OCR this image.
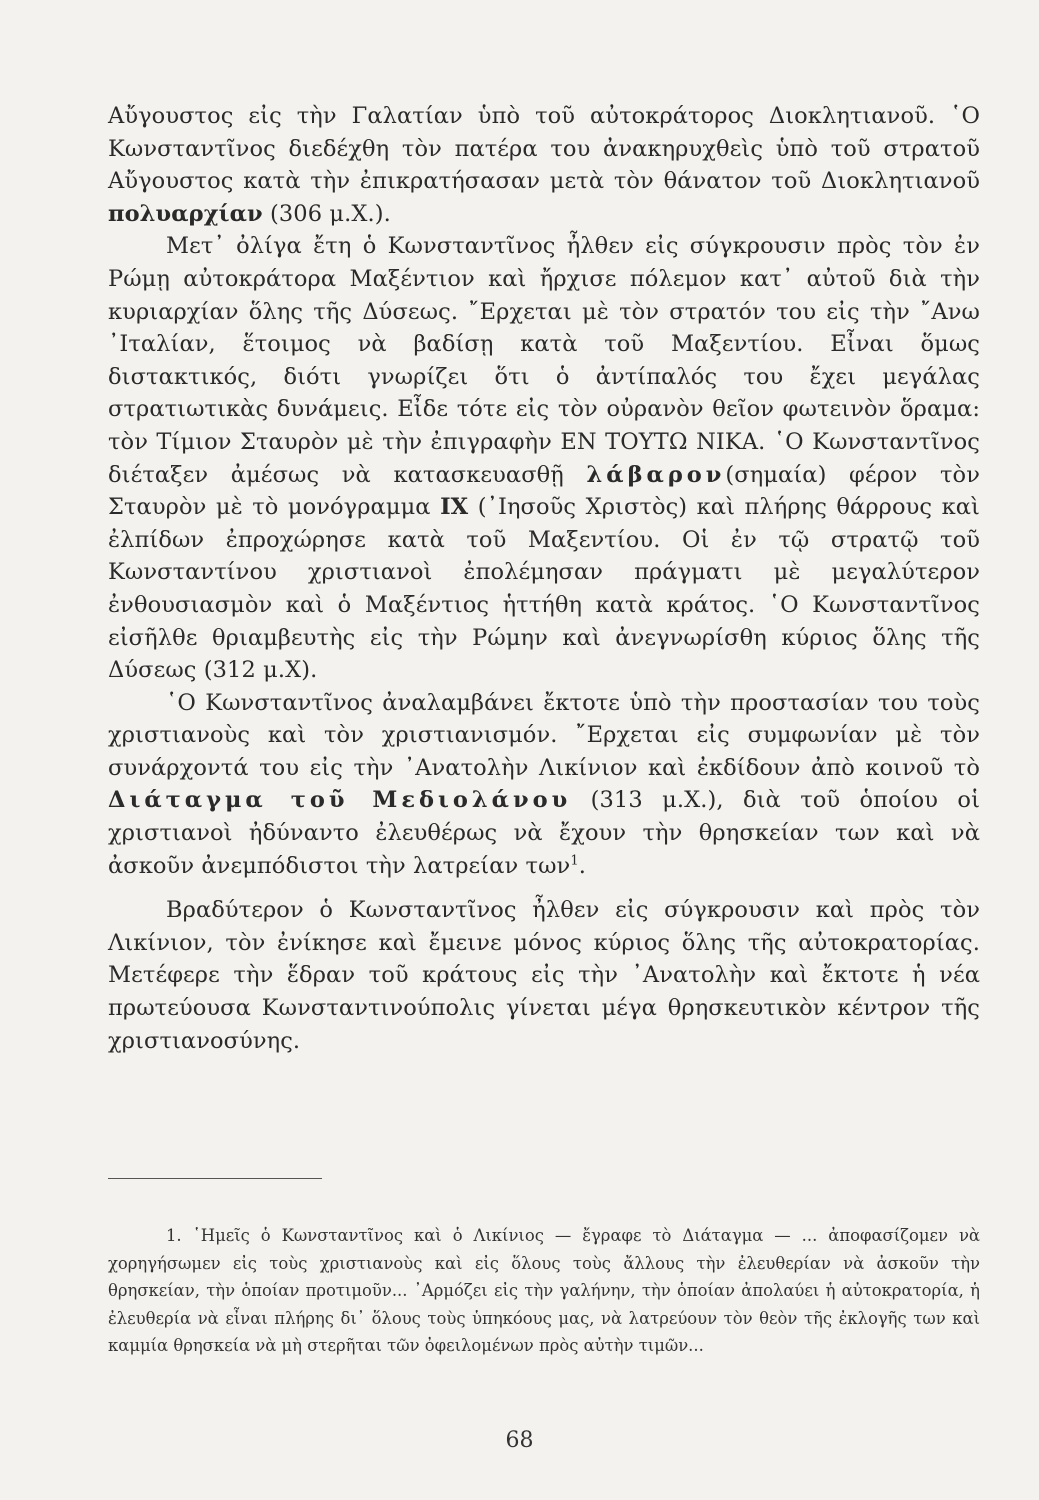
Αὔγουστος εἰς τὴν Γαλατίαν ὑπὸ τοῦ αὐτοκράτορος Διοκλητιανοῦ. ῾Ο Κωνσταντῖνος διεδέχθη τὸν πατέρα του ἀνακηρυχθεὶς ὑπὸ τοῦ στρατοῦ Αὔγουστος κατὰ τὴν ἐπικρατήσασαν μετὰ τὸν θάνατον τοῦ Διοκλητιανοῦ πολυαρχίαν (306 μ.Χ.).

Μετ᾽ ὀλίγα ἔτη ὁ Κωνσταντῖνος ἦλθεν εἰς σύγκρουσιν πρὸς τὸν ἐν Ρώμῃ αὐτοκράτορα Μαξέντιον καὶ ἤρχισε πόλεμον κατ᾽ αὐτοῦ διὰ τὴν κυριαρχίαν ὅλης τῆς Δύσεως. ῎Ερχεται μὲ τὸν στρατόν του εἰς τὴν ῎Ανω ᾽Ιταλίαν, ἕτοιμος νὰ βαδίσῃ κατὰ τοῦ Μαξεντίου. Εἶναι ὅμως διστακτικός, διότι γνωρίζει ὅτι ὁ ἀντίπαλός του ἔχει μεγάλας στρατιωτικὰς δυνάμεις. Εἶδε τότε εἰς τὸν οὐρανὸν θεῖον φωτεινὸν ὅραμα: τὸν Τίμιον Σταυρὸν μὲ τὴν ἐπιγραφὴν ΕΝ ΤΟΥΤΩ ΝΙΚΑ. ῾Ο Κωνσταντῖνος διέταξεν ἀμέσως νὰ κατασκευασθῇ λάβαρον(σημαία) φέρον τὸν Σταυρὸν μὲ τὸ μονόγραμμα ΙΧ (᾽Ιησοῦς Χριστὸς) καὶ πλήρης θάρρους καὶ ἐλπίδων ἐπροχώρησε κατὰ τοῦ Μαξεντίου. Οἱ ἐν τῷ στρατῷ τοῦ Κωνσταντίνου χριστιανοὶ ἐπολέμησαν πράγματι μὲ μεγαλύτερον ἐνθουσιασμὸν καὶ ὁ Μαξέντιος ἡττήθη κατὰ κράτος. ῾Ο Κωνσταντῖνος εἰσῆλθε θριαμβευτὴς εἰς τὴν Ρώμην καὶ ἀνεγνωρίσθη κύριος ὅλης τῆς Δύσεως (312 μ.Χ).

῾Ο Κωνσταντῖνος ἀναλαμβάνει ἔκτοτε ὑπὸ τὴν προστασίαν του τοὺς χριστιανοὺς καὶ τὸν χριστιανισμόν. ῎Ερχεται εἰς συμφωνίαν μὲ τὸν συνάρχοντά του εἰς τὴν ᾽Ανατολὴν Λικίνιον καὶ ἐκδίδουν ἀπὸ κοινοῦ τὸ Διάταγμα τοῦ Μεδιολάνου (313 μ.Χ.), διὰ τοῦ ὁποίου οἱ χριστιανοὶ ἠδύναντο ἐλευθέρως νὰ ἔχουν τὴν θρησκείαν των καὶ νὰ ἀσκοῦν ἀνεμπόδιστοι τὴν λατρείαν των$^1$.

Βραδύτερον ὁ Κωνσταντῖνος ἦλθεν εἰς σύγκρουσιν καὶ πρὸς τὸν Λικίνιον, τὸν ἐνίκησε καὶ ἔμεινε μόνος κύριος ὅλης τῆς αὐτοκρατορίας. Μετέφερε τὴν ἕδραν τοῦ κράτους εἰς τὴν ᾽Ανατολὴν καὶ ἔκτοτε ἡ νέα πρωτεύουσα Κωνσταντινούπολις γίνεται μέγα θρησκευτικὸν κέντρον τῆς χριστιανοσύνης.

1. ῾Ημεῖς ὁ Κωνσταντῖνος καὶ ὁ Λικίνιος — ἔγραφε τὸ Διάταγμα — ... ἀποφασίζομεν νὰ χορηγήσωμεν εἰς τοὺς χριστιανοὺς καὶ εἰς ὅλους τοὺς ἄλλους τὴν ἐλευθερίαν νὰ ἀσκοῦν τὴν θρησκείαν, τὴν ὁποίαν προτιμοῦν... ᾽Αρμόζει εἰς τὴν γαλήνην, τὴν ὁποίαν ἀπολαύει ἡ αὐτοκρατορία, ἡ ἐλευθερία νὰ εἶναι πλήρης δι᾽ ὅλους τοὺς ὑπηκόους μας, νὰ λατρεύουν τὸν θεὸν τῆς ἐκλογῆς των καὶ καμμία θρησκεία νὰ μὴ στερῆται τῶν ὀφειλομένων πρὸς αὐτὴν τιμῶν...

68
